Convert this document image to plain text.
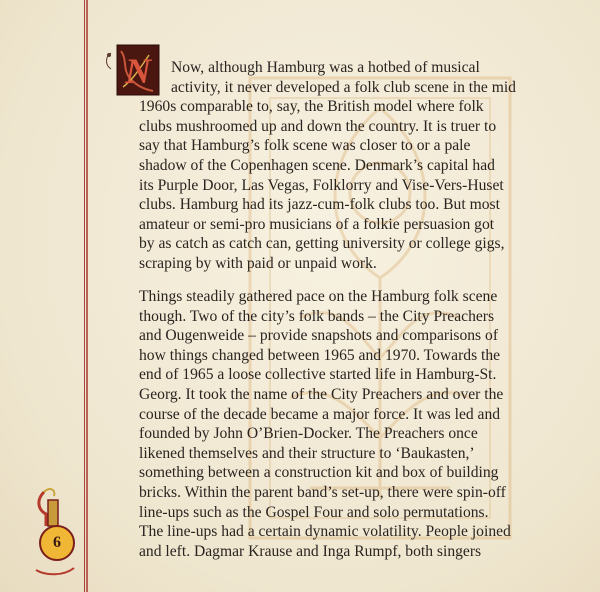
N	Now, although Hamburg was a hotbed of musical
activity, it never developed a folk club scene in the mid
1960s comparable to, say, the British model where folk
clubs mushroomed up and down the country. It is truer to
say that Hamburg’s folk scene was closer to or a pale
shadow of the Copenhagen scene. Denmark’s capital had
its Purple Door, Las Vegas, Folklorry and Vise-Vers-Huset
clubs. Hamburg had its jazz-cum-folk clubs too. But most
amateur or semi-pro musicians of a folkie persuasion got
by as catch as catch can, getting university or college gigs,
scraping by with paid or unpaid work.

Things steadily gathered pace on the Hamburg folk scene
though. Two of the city’s folk bands – the City Preachers
and Ougenweide – provide snapshots and comparisons of
how things changed between 1965 and 1970. Towards the
end of 1965 a loose collective started life in Hamburg-St.
Georg. It took the name of the City Preachers and over the
course of the decade became a major force. It was led and
founded by John O’Brien-Docker. The Preachers once
likened themselves and their structure to ‘Baukasten,’
something between a construction kit and box of building
bricks. Within the parent band’s set-up, there were spin-off
line-ups such as the Gospel Four and solo permutations.
The line-ups had a certain dynamic volatility. People joined
and left. Dagmar Krause and Inga Rumpf, both singers

6
